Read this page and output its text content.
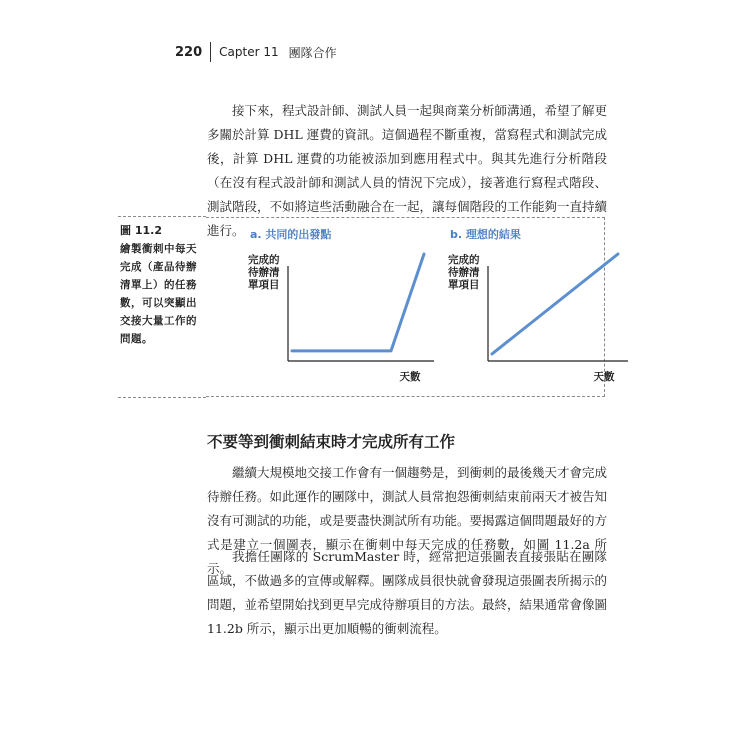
220 Capter 11 團隊合作

接下來，程式設計師、測試人員一起與商業分析師溝通，希望了解更多關於計算 DHL 運費的資訊。這個過程不斷重複，當寫程式和測試完成後，計算 DHL 運費的功能被添加到應用程式中。與其先進行分析階段（在沒有程式設計師和測試人員的情況下完成），接著進行寫程式階段、測試階段，不如將這些活動融合在一起，讓每個階段的工作能夠一直持續進行。

圖 11.2
繪製衝刺中每天完成（產品待辦清單上）的任務數，可以突顯出交接大量工作的問題。
a. 共同的出發點
完成的待辦清單項目
天數
b. 理想的結果
完成的待辦清單項目
天數
不要等到衝刺結束時才完成所有工作

繼續大規模地交接工作會有一個趨勢是，到衝刺的最後幾天才會完成待辦任務。如此運作的團隊中，測試人員常抱怨衝刺結束前兩天才被告知沒有可測試的功能，或是要盡快測試所有功能。要揭露這個問題最好的方式是建立一個圖表，顯示在衝刺中每天完成的任務數，如圖 11.2a 所示。

我擔任團隊的 ScrumMaster 時，經常把這張圖表直接張貼在團隊區域，不做過多的宣傳或解釋。團隊成員很快就會發現這張圖表所揭示的問題，並希望開始找到更早完成待辦項目的方法。最終，結果通常會像圖 11.2b 所示，顯示出更加順暢的衝刺流程。
